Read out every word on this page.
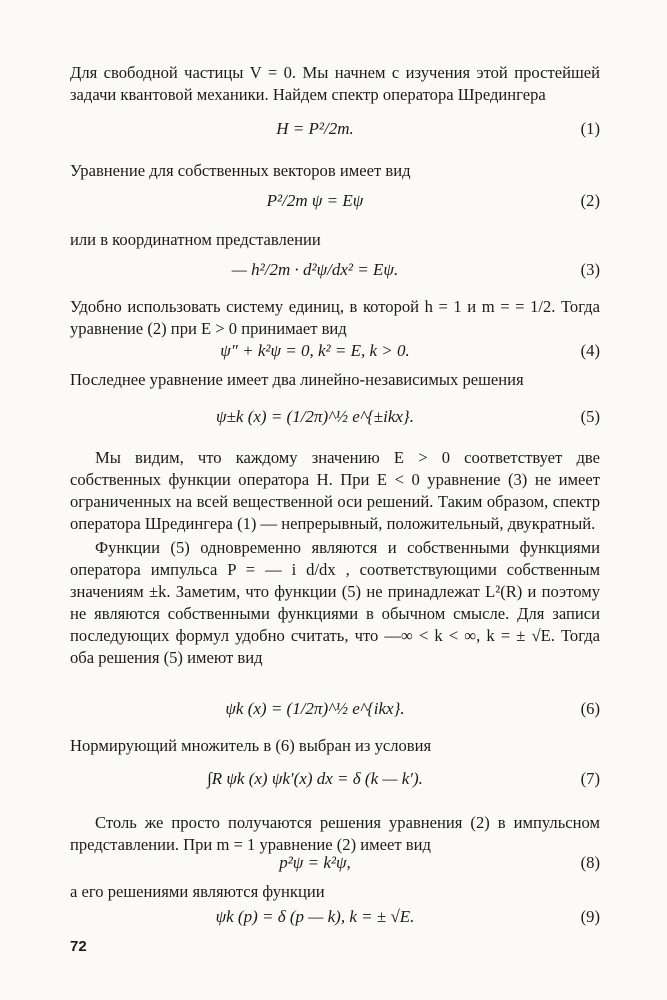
Для свободной частицы V = 0. Мы начнем с изучения этой простейшей задачи квантовой механики. Найдем спектр оператора Шредингера

H = P²/2m.	(1)

Уравнение для собственных векторов имеет вид

P²/2m ψ = Eψ	(2)

или в координатном представлении

— h²/2m · d²ψ/dx² = Eψ.	(3)

Удобно использовать систему единиц, в которой h = 1 и m = = 1/2. Тогда уравнение (2) при E > 0 принимает вид

ψ″ + k²ψ = 0, k² = E, k > 0.	(4)

Последнее уравнение имеет два линейно-независимых решения

ψ±k (x) = (1/2π)^½ e^{±ikx}.	(5)

Мы видим, что каждому значению E > 0 соответствует две собственных функции оператора H. При E < 0 уравнение (3) не имеет ограниченных на всей вещественной оси решений. Таким образом, спектр оператора Шредингера (1) — непрерывный, положительный, двукратный.

Функции (5) одновременно являются и собственными функциями оператора импульса P = — i d/dx , соответствующими собственным значениям ±k. Заметим, что функции (5) не принадлежат L²(R) и поэтому не являются собственными функциями в обычном смысле. Для записи последующих формул удобно считать, что —∞ < k < ∞, k = ± √E. Тогда оба решения (5) имеют вид

ψk (x) = (1/2π)^½ e^{ikx}.	(6)

Нормирующий множитель в (6) выбран из условия

∫R ψk (x) ψk′(x) dx = δ (k — k′).	(7)

Столь же просто получаются решения уравнения (2) в импульсном представлении. При m = 1 уравнение (2) имеет вид

p²ψ = k²ψ,	(8)

а его решениями являются функции

ψk (p) = δ (p — k), k = ± √E.	(9)
72
